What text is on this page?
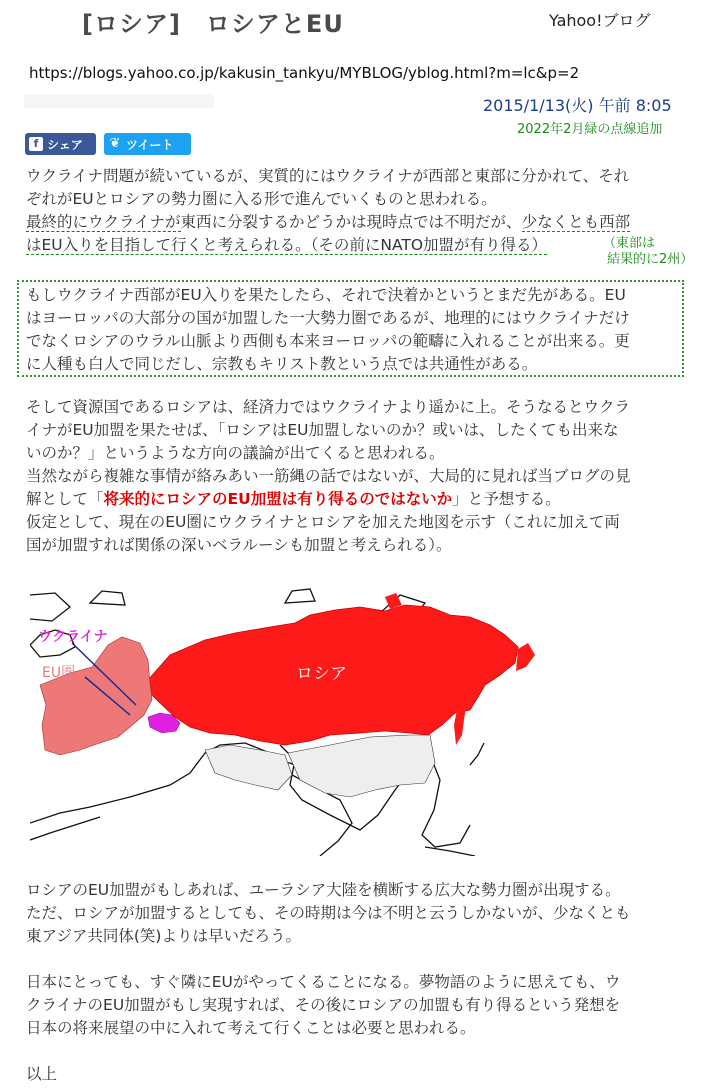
[ロシア]　ロシアとEU	Yahoo!ブログ
https://blogs.yahoo.co.jp/kakusin_tankyu/MYBLOG/yblog.html?m=lc&p=2
2015/1/13(火) 午前 8:05
2022年2月緑の点線追加
f シェア ❦ ツイート

ウクライナ問題が続いているが、実質的にはウクライナが西部と東部に分かれて、それ

ぞれがEUとロシアの勢力圏に入る形で進んでいくものと思われる。

最終的にウクライナが東西に分裂するかどうかは現時点では不明だが、少なくとも西部

はEU入りを目指して行くと考えられる。（その前にNATO加盟が有り得る）	（東部は
結果的に2州）

もしウクライナ西部がEU入りを果たしたら、それで決着かというとまだ先がある。EU

はヨーロッパの大部分の国が加盟した一大勢力圏であるが、地理的にはウクライナだけ

でなくロシアのウラル山脈より西側も本来ヨーロッパの範疇に入れることが出来る。更

に人種も白人で同じだし、宗教もキリスト教という点では共通性がある。

そして資源国であるロシアは、経済力ではウクライナより遥かに上。そうなるとウクラ

イナがEU加盟を果たせば、「ロシアはEU加盟しないのか？或いは、したくても出来な

いのか？」というような方向の議論が出てくると思われる。

当然ながら複雑な事情が絡みあい一筋縄の話ではないが、大局的に見れば当ブログの見

解として「将来的にロシアのEU加盟は有り得るのではないか」と予想する。

仮定として、現在のEU圏にウクライナとロシアを加えた地図を示す（これに加えて両

国が加盟すれば関係の深いベラルーシも加盟と考えられる）。

ウクライナ
EU圏	ロシア

ロシアのEU加盟がもしあれば、ユーラシア大陸を横断する広大な勢力圏が出現する。

ただ、ロシアが加盟するとしても、その時期は今は不明と云うしかないが、少なくとも

東アジア共同体(笑)よりは早いだろう。

日本にとっても、すぐ隣にEUがやってくることになる。夢物語のように思えても、ウ

クライナのEU加盟がもし実現すれば、その後にロシアの加盟も有り得るという発想を

日本の将来展望の中に入れて考えて行くことは必要と思われる。

以上
